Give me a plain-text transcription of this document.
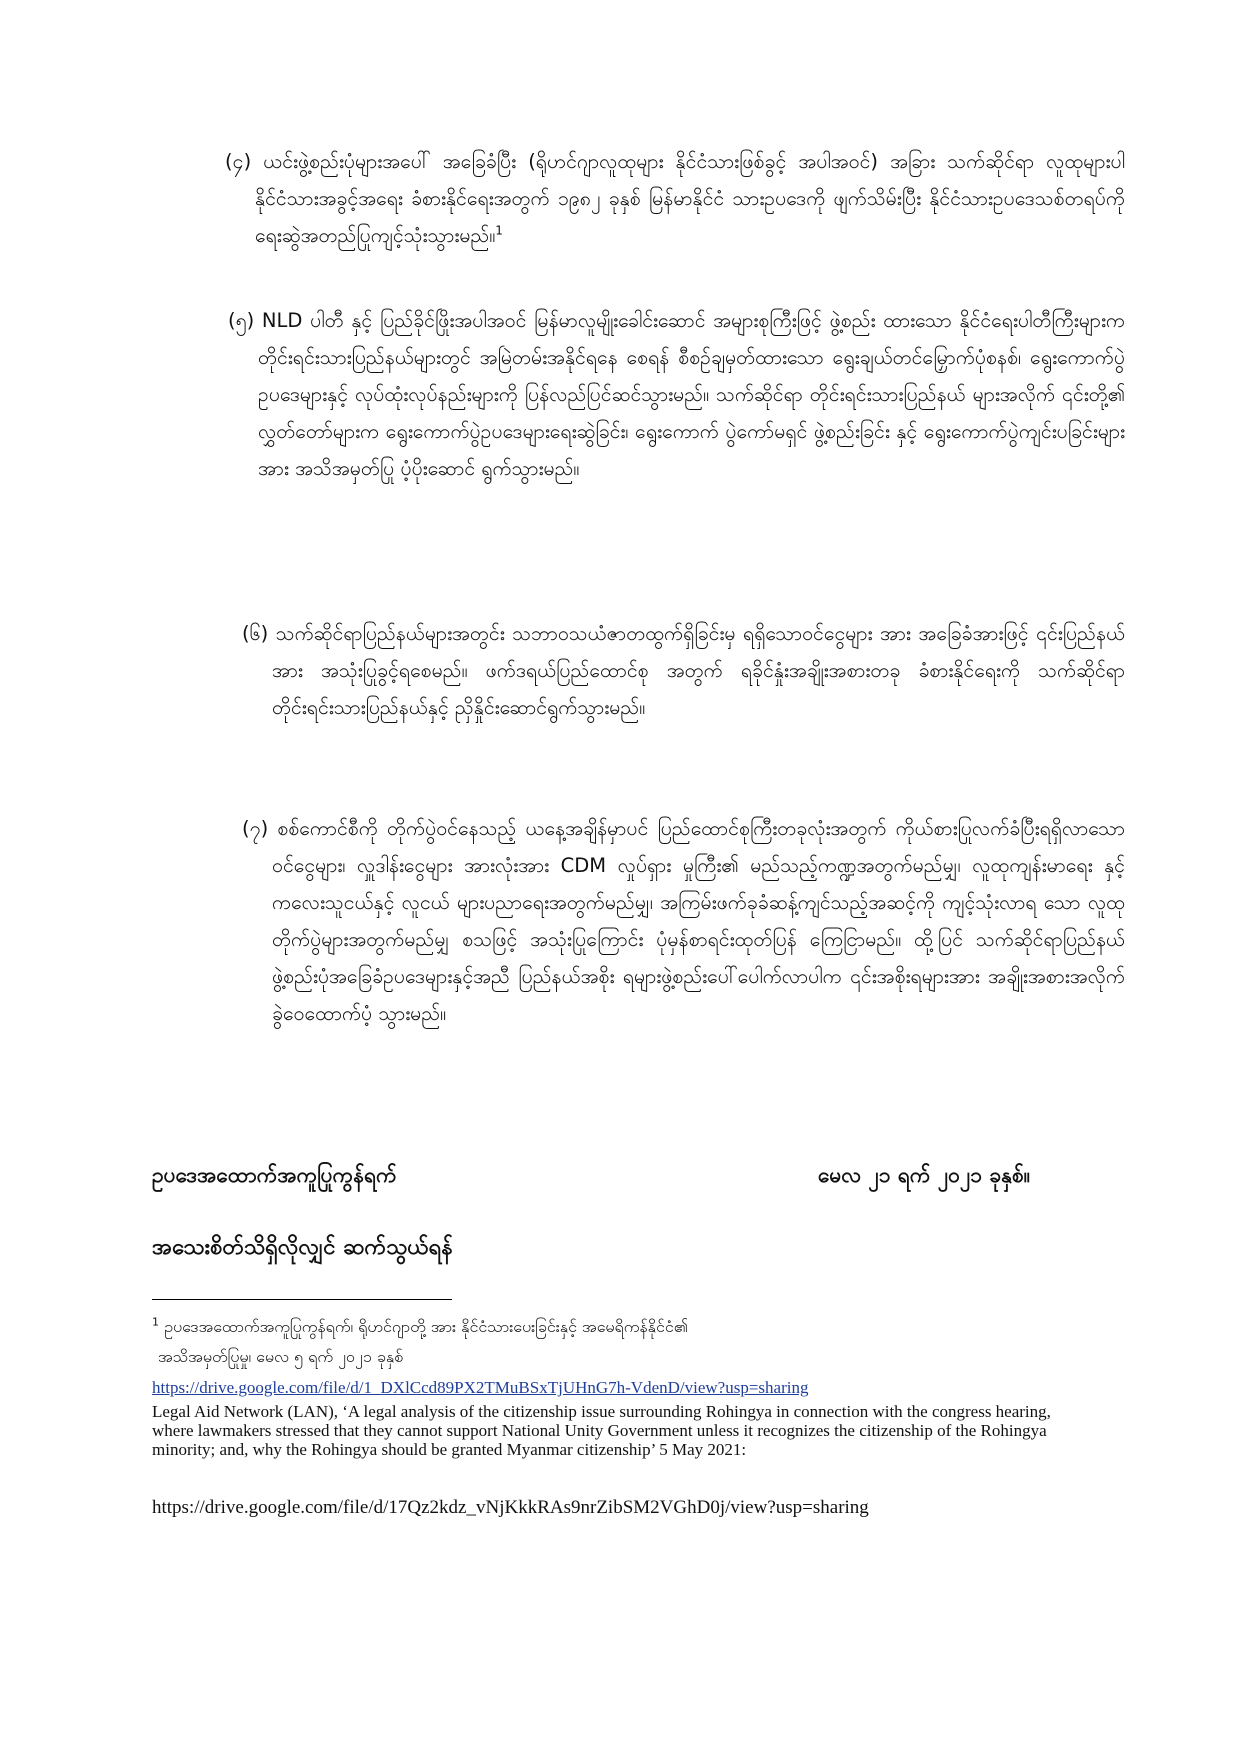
(၄) ယင်းဖွဲ့စည်းပုံများအပေါ် အခြေခံပြီး (ရိုဟင်ဂျာလူထုများ နိုင်ငံသားဖြစ်ခွင့် အပါအဝင်) အခြား သက်ဆိုင်ရာ လူထုများပါ နိုင်ငံသားအခွင့်အရေး ခံစားနိုင်ရေးအတွက် ၁၉၈၂ ခုနှစ် မြန်မာနိုင်ငံ သားဥပဒေကို ဖျက်သိမ်းပြီး နိုင်ငံသားဥပဒေသစ်တရပ်ကို ရေးဆွဲအတည်ပြုကျင့်သုံးသွားမည်။$^1$
(၅) NLD ပါတီ နှင့် ပြည်ခိုင်ဖြိုးအပါအဝင် မြန်မာလူမျိုးခေါင်းဆောင် အများစုကြီးဖြင့် ဖွဲ့စည်း ထားသော နိုင်ငံရေးပါတီကြီးများက တိုင်းရင်းသားပြည်နယ်များတွင် အမြဲတမ်းအနိုင်ရနေ စေရန် စီစဉ်ချမှတ်ထားသော ရွေးချယ်တင်မြှောက်ပုံစနစ်၊ ရွေးကောက်ပွဲဥပဒေများနှင့် လုပ်ထုံးလုပ်နည်းများကို ပြန်လည်ပြင်ဆင်သွားမည်။ သက်ဆိုင်ရာ တိုင်းရင်းသားပြည်နယ် များအလိုက် ၎င်းတို့၏ လွှတ်တော်များက ရွေးကောက်ပွဲဥပဒေများရေးဆွဲခြင်း၊ ရွေးကောက် ပွဲကော်မရှင် ဖွဲ့စည်းခြင်း နှင့် ရွေးကောက်ပွဲကျင်းပခြင်းများအား အသိအမှတ်ပြု ပံ့ပိုးဆောင် ရွက်သွားမည်။
(၆) သက်ဆိုင်ရာပြည်နယ်များအတွင်း သဘာဝသယံဇာတထွက်ရှိခြင်းမှ ရရှိသောဝင်ငွေများ အား အခြေခံအားဖြင့် ၎င်းပြည်နယ်အား အသုံးပြုခွင့်ရစေမည်။ ဖက်ဒရယ်ပြည်ထောင်စု အတွက် ရခိုင်နှုံးအချိုးအစားတခု ခံစားနိုင်ရေးကို သက်ဆိုင်ရာ တိုင်းရင်းသားပြည်နယ်နှင့် ညှိနှိုင်းဆောင်ရွက်သွားမည်။
(၇) စစ်ကောင်စီကို တိုက်ပွဲဝင်နေသည့် ယနေ့အချိန်မှာပင် ပြည်ထောင်စုကြီးတခုလုံးအတွက် ကိုယ်စားပြုလက်ခံပြီးရရှိလာသော ဝင်ငွေများ၊ လှူဒါန်းငွေများ အားလုံးအား CDM လှုပ်ရှား မှုကြီး၏ မည်သည့်ကဏ္ဍအတွက်မည်မျှ၊ လူထုကျန်းမာရေး နှင့် ကလေးသူငယ်နှင့် လူငယ် များပညာရေးအတွက်မည်မျှ၊ အကြမ်းဖက်ခုခံဆန့်ကျင်သည့်အဆင့်ကို ကျင့်သုံးလာရ သော လူထုတိုက်ပွဲများအတွက်မည်မျှ စသဖြင့် အသုံးပြုကြောင်း ပုံမှန်စာရင်းထုတ်ပြန် ကြေငြာမည်။ ထို့ပြင် သက်ဆိုင်ရာပြည်နယ်ဖွဲ့စည်းပုံအခြေခံဥပဒေများနှင့်အညီ ပြည်နယ်အစိုး ရများဖွဲ့စည်းပေါ်ပေါက်လာပါက ၎င်းအစိုးရများအား အချိုးအစားအလိုက် ခွဲဝေထောက်ပံ့ သွားမည်။
ဥပဒေအထောက်အကူပြုကွန်ရက်	မေလ ၂၁ ရက် ၂၀၂၁ ခုနှစ်။
အသေးစိတ်သိရှိလိုလျှင် ဆက်သွယ်ရန်
$^1$ ဥပဒေအထောက်အကူပြုကွန်ရက်၊ ရိုဟင်ဂျာတို့ အား နိုင်ငံသားပေးခြင်းနှင့် အမေရိကန်နိုင်ငံ၏
အသိအမှတ်ပြုမှု၊ မေလ ၅ ရက် ၂၀၂၁ ခုနှစ်
https://drive.google.com/file/d/1_DXlCcd89PX2TMuBSxTjUHnG7h-VdenD/view?usp=sharing
Legal Aid Network (LAN), ‘A legal analysis of the citizenship issue surrounding Rohingya in connection with the congress hearing, where lawmakers stressed that they cannot support National Unity Government unless it recognizes the citizenship of the Rohingya minority; and, why the Rohingya should be granted Myanmar citizenship’ 5 May 2021:
https://drive.google.com/file/d/17Qz2kdz_vNjKkkRAs9nrZibSM2VGhD0j/view?usp=sharing
